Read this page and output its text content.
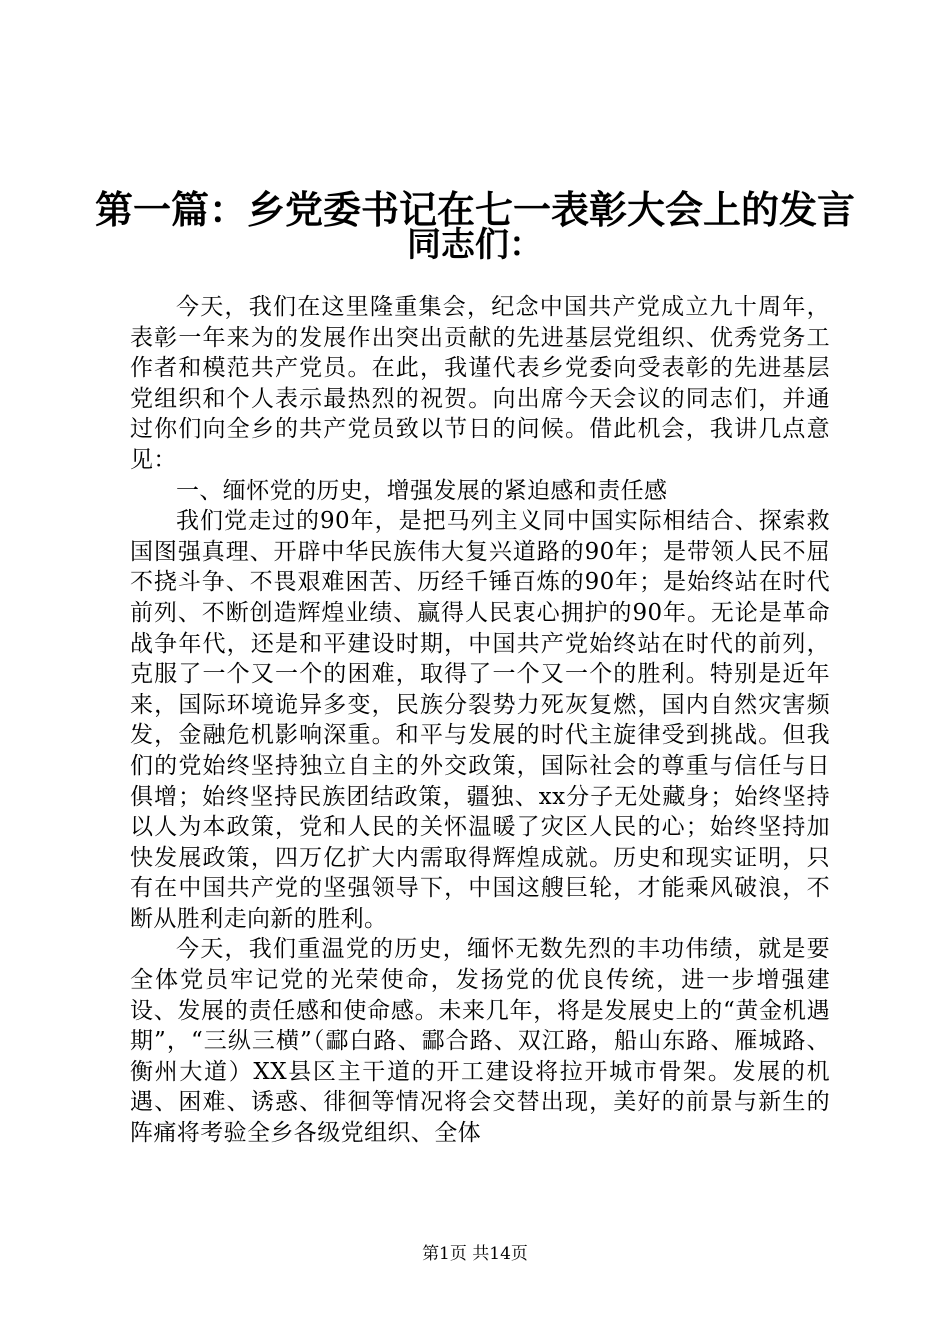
第一篇：乡党委书记在七一表彰大会上的发言
同志们：

今天，我们在这里隆重集会，纪念中国共产党成立九十周年，表彰一年来为的发展作出突出贡献的先进基层党组织、优秀党务工作者和模范共产党员。在此，我谨代表乡党委向受表彰的先进基层党组织和个人表示最热烈的祝贺。向出席今天会议的同志们，并通过你们向全乡的共产党员致以节日的问候。借此机会，我讲几点意见：

一、缅怀党的历史，增强发展的紧迫感和责任感

我们党走过的90年，是把马列主义同中国实际相结合、探索救国图强真理、开辟中华民族伟大复兴道路的90年；是带领人民不屈不挠斗争、不畏艰难困苦、历经千锤百炼的90年；是始终站在时代前列、不断创造辉煌业绩、赢得人民衷心拥护的90年。无论是革命战争年代，还是和平建设时期，中国共产党始终站在时代的前列，克服了一个又一个的困难，取得了一个又一个的胜利。特别是近年来，国际环境诡异多变，民族分裂势力死灰复燃，国内自然灾害频发，金融危机影响深重。和平与发展的时代主旋律受到挑战。但我们的党始终坚持独立自主的外交政策，国际社会的尊重与信任与日俱增；始终坚持民族团结政策，疆独、xx分子无处藏身；始终坚持以人为本政策，党和人民的关怀温暖了灾区人民的心；始终坚持加快发展政策，四万亿扩大内需取得辉煌成就。历史和现实证明，只有在中国共产党的坚强领导下，中国这艘巨轮，才能乘风破浪，不断从胜利走向新的胜利。

今天，我们重温党的历史，缅怀无数先烈的丰功伟绩，就是要全体党员牢记党的光荣使命，发扬党的优良传统，进一步增强建设、发展的责任感和使命感。未来几年，将是发展史上的“黄金机遇期”，“三纵三横”（酃白路、酃合路、双江路，船山东路、雁城路、衡州大道）XX县区主干道的开工建设将拉开城市骨架。发展的机遇、困难、诱惑、徘徊等情况将会交替出现，美好的前景与新生的阵痛将考验全乡各级党组织、全体

第1页 共14页
